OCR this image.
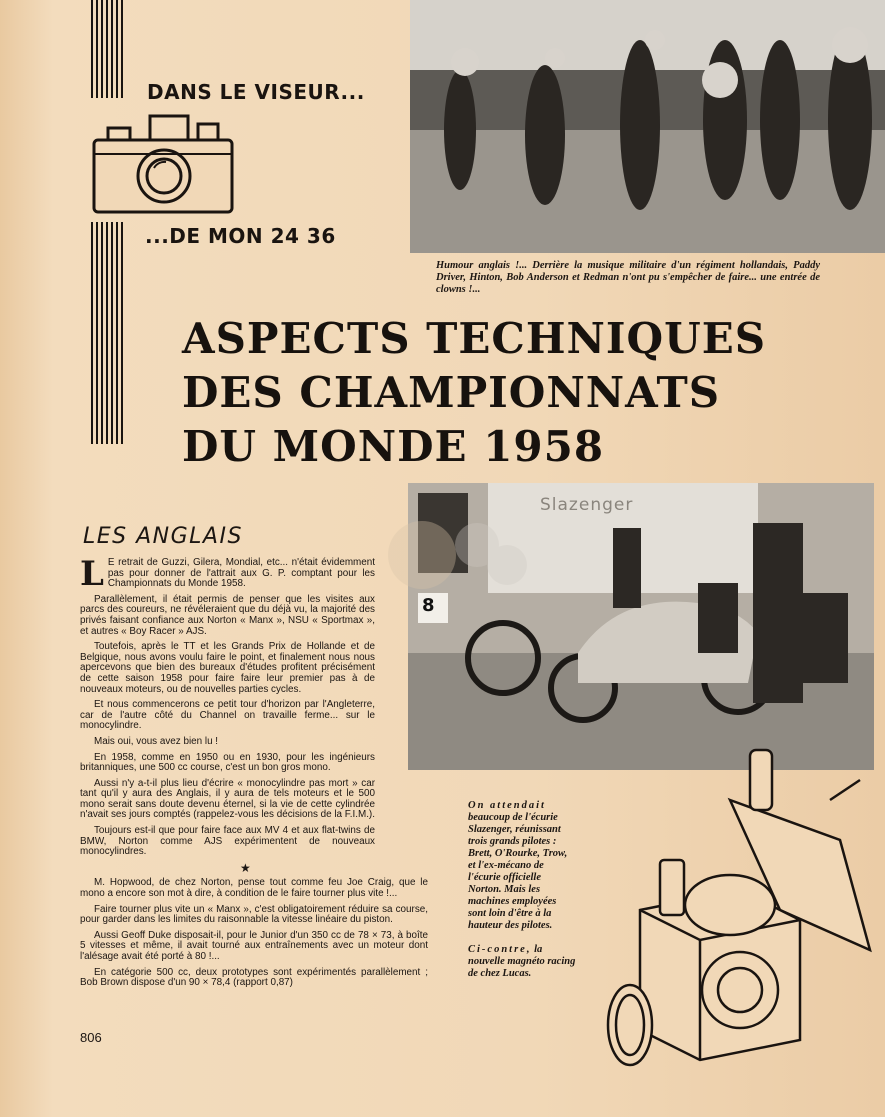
DANS LE VISEUR...
...DE MON 24 36
Humour anglais !... Derrière la musique militaire d'un régiment hollandais, Paddy Driver, Hinton, Bob Anderson et Redman n'ont pu s'empêcher de faire... une entrée de clowns !...
ASPECTS TECHNIQUES
DES CHAMPIONNATS
DU MONDE 1958
Slazenger
8
LES ANGLAIS

L E retrait de Guzzi, Gilera, Mondial, etc... n'était évidemment pas pour donner de l'attrait aux G. P. comptant pour les Championnats du Monde 1958.

Parallèlement, il était permis de penser que les visites aux parcs des coureurs, ne révéleraient que du déjà vu, la majorité des privés faisant confiance aux Norton « Manx », NSU « Sportmax », et autres « Boy Racer » AJS.

Toutefois, après le TT et les Grands Prix de Hollande et de Belgique, nous avons voulu faire le point, et finalement nous nous apercevons que bien des bureaux d'études profitent précisément de cette saison 1958 pour faire faire leur premier pas à de nouveaux moteurs, ou de nouvelles parties cycles.

Et nous commencerons ce petit tour d'horizon par l'Angleterre, car de l'autre côté du Channel on travaille ferme... sur le monocylindre.

Mais oui, vous avez bien lu !

En 1958, comme en 1950 ou en 1930, pour les ingénieurs britanniques, une 500 cc course, c'est un bon gros mono.

Aussi n'y a-t-il plus lieu d'écrire « monocylindre pas mort » car tant qu'il y aura des Anglais, il y aura de tels moteurs et le 500 mono serait sans doute devenu éternel, si la vie de cette cylindrée n'avait ses jours comptés (rappelez-vous les décisions de la F.I.M.).

Toujours est-il que pour faire face aux MV 4 et aux flat-twins de BMW, Norton comme AJS expérimentent de nouveaux monocylindres.

★

M. Hopwood, de chez Norton, pense tout comme feu Joe Craig, que le mono a encore son mot à dire, à condition de le faire tourner plus vite !...

Faire tourner plus vite un « Manx », c'est obligatoirement réduire sa course, pour garder dans les limites du raisonnable la vitesse linéaire du piston.

Aussi Geoff Duke disposait-il, pour le Junior d'un 350 cc de 78 × 73, à boîte 5 vitesses et même, il avait tourné aux entraînements avec un moteur dont l'alésage avait été porté à 80 !...

En catégorie 500 cc, deux prototypes sont expérimentés parallèlement ; Bob Brown dispose d'un 90 × 78,4 (rapport 0,87)

On attendait beaucoup de l'écurie Slazenger, réunissant trois grands pilotes : Brett, O'Rourke, Trow, et l'ex-mécano de l'écurie officielle Norton. Mais les machines employées sont loin d'être à la hauteur des pilotes.

Ci-contre, la nouvelle magnéto racing de chez Lucas.
806
